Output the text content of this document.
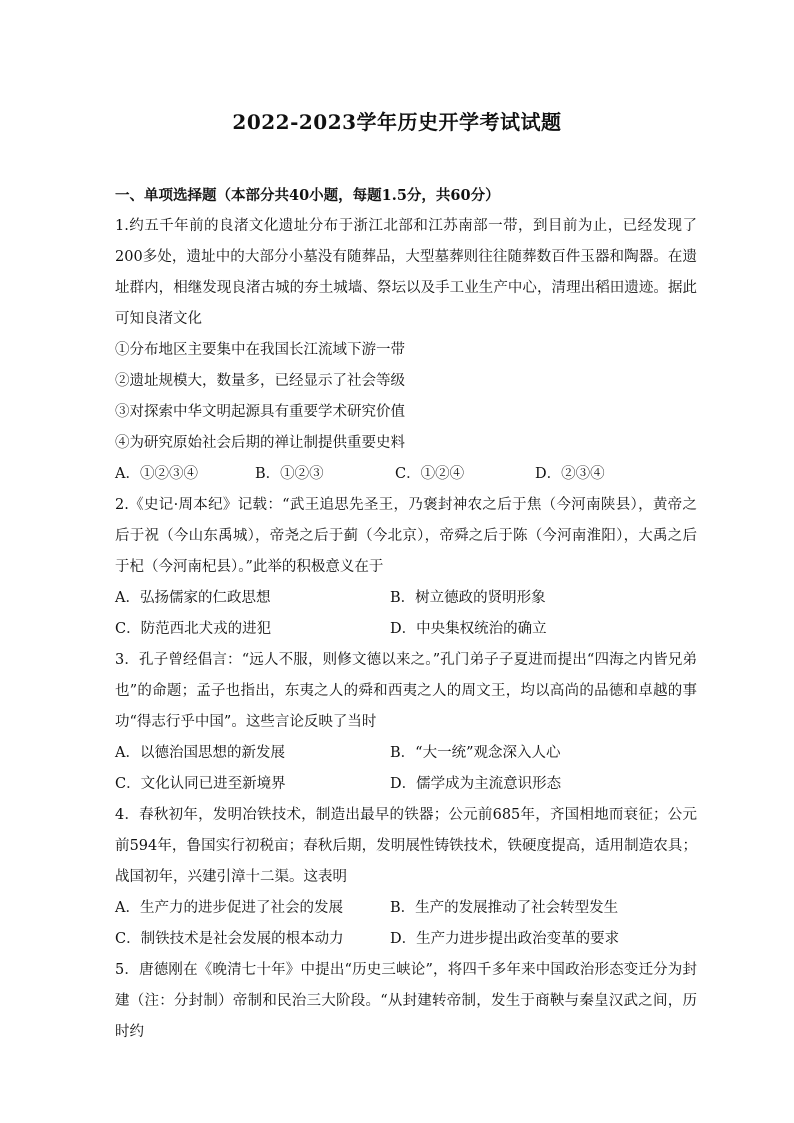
2022-2023学年历史开学考试试题

一、单项选择题（本部分共40小题，每题1.5分，共60分）

1.约五千年前的良渚文化遗址分布于浙江北部和江苏南部一带，到目前为止，已经发现了200多处，遗址中的大部分小墓没有随葬品，大型墓葬则往往随葬数百件玉器和陶器。在遗址群内，相继发现良渚古城的夯土城墙、祭坛以及手工业生产中心，清理出稻田遗迹。据此可知良渚文化

①分布地区主要集中在我国长江流域下游一带

②遗址规模大，数量多，已经显示了社会等级

③对探索中华文明起源具有重要学术研究价值

④为研究原始社会后期的禅让制提供重要史料

A．①②③④	B．①②③	C．①②④	D．②③④

2.《史记·周本纪》记载：“武王追思先圣王，乃褒封神农之后于焦（今河南陕县），黄帝之后于祝（今山东禹城），帝尧之后于蓟（今北京），帝舜之后于陈（今河南淮阳），大禹之后于杞（今河南杞县）。”此举的积极意义在于

A．弘扬儒家的仁政思想	B．树立德政的贤明形象
C．防范西北犬戎的进犯	D．中央集权统治的确立

3．孔子曾经倡言：“远人不服，则修文德以来之。”孔门弟子子夏进而提出“四海之内皆兄弟也”的命题；孟子也指出，东夷之人的舜和西夷之人的周文王，均以高尚的品德和卓越的事功“得志行乎中国”。这些言论反映了当时

A．以德治国思想的新发展	B．“大一统”观念深入人心
C．文化认同已进至新境界	D．儒学成为主流意识形态

4．春秋初年，发明冶铁技术，制造出最早的铁器；公元前685年，齐国相地而衰征；公元前594年，鲁国实行初税亩；春秋后期，发明展性铸铁技术，铁硬度提高，适用制造农具；战国初年，兴建引漳十二渠。这表明

A．生产力的进步促进了社会的发展	B．生产的发展推动了社会转型发生
C．制铁技术是社会发展的根本动力	D．生产力进步提出政治变革的要求

5．唐德刚在《晚清七十年》中提出“历史三峡论”，将四千多年来中国政治形态变迁分为封建（注：分封制）帝制和民治三大阶段。“从封建转帝制，发生于商鞅与秦皇汉武之间，历时约
